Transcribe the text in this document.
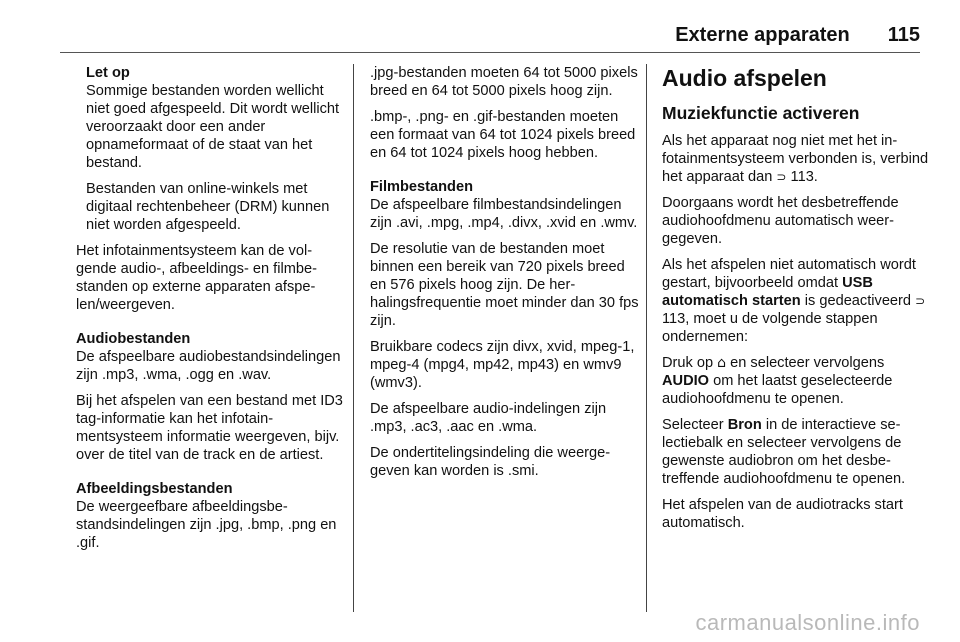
Externe apparaten 115
Let op

Sommige bestanden worden wellicht niet goed afgespeeld. Dit wordt wellicht veroorzaakt door een ander opnameformaat of de staat van het bestand.

Bestanden van online-winkels met digitaal rechtenbeheer (DRM) kunnen niet worden afgespeeld.

Het infotainmentsysteem kan de volgende audio-, afbeeldings- en filmbestanden op externe apparaten afspelen/weergeven.

Audiobestanden

De afspeelbare audiobestandsindelingen zijn .mp3, .wma, .ogg en .wav.

Bij het afspelen van een bestand met ID3 tag-informatie kan het infotainmentsysteem informatie weergeven, bijv. over de titel van de track en de artiest.

Afbeeldingsbestanden

De weergeefbare afbeeldingsbestandsindelingen zijn .jpg, .bmp, .png en .gif.

.jpg-bestanden moeten 64 tot 5000 pixels breed en 64 tot 5000 pixels hoog zijn.

.bmp-, .png- en .gif-bestanden moeten een formaat van 64 tot 1024 pixels breed en 64 tot 1024 pixels hoog hebben.

Filmbestanden

De afspeelbare filmbestandsindelingen zijn .avi, .mpg, .mp4, .divx, .xvid en .wmv.

De resolutie van de bestanden moet binnen een bereik van 720 pixels breed en 576 pixels hoog zijn. De herhalingsfrequentie moet minder dan 30 fps zijn.

Bruikbare codecs zijn divx, xvid, mpeg-1, mpeg-4 (mpg4, mp42, mp43) en wmv9 (wmv3).

De afspeelbare audio-indelingen zijn .mp3, .ac3, .aac en .wma.

De ondertitelingsindeling die weergegeven kan worden is .smi.

Audio afspelen
Muziekfunctie activeren

Als het apparaat nog niet met het infotainmentsysteem verbonden is, verbind het apparaat dan ⊃ 113.

Doorgaans wordt het desbetreffende audiohoofdmenu automatisch weergegeven.

Als het afspelen niet automatisch wordt gestart, bijvoorbeeld omdat USB automatisch starten is gedeactiveerd ⊃ 113, moet u de volgende stappen ondernemen:

Druk op ⌂ en selecteer vervolgens AUDIO om het laatst geselecteerde audiohoofdmenu te openen.

Selecteer Bron in de interactieve selectiebalk en selecteer vervolgens de gewenste audiobron om het desbetreffende audiohoofdmenu te openen.

Het afspelen van de audiotracks start automatisch.

carmanualsonline.info
